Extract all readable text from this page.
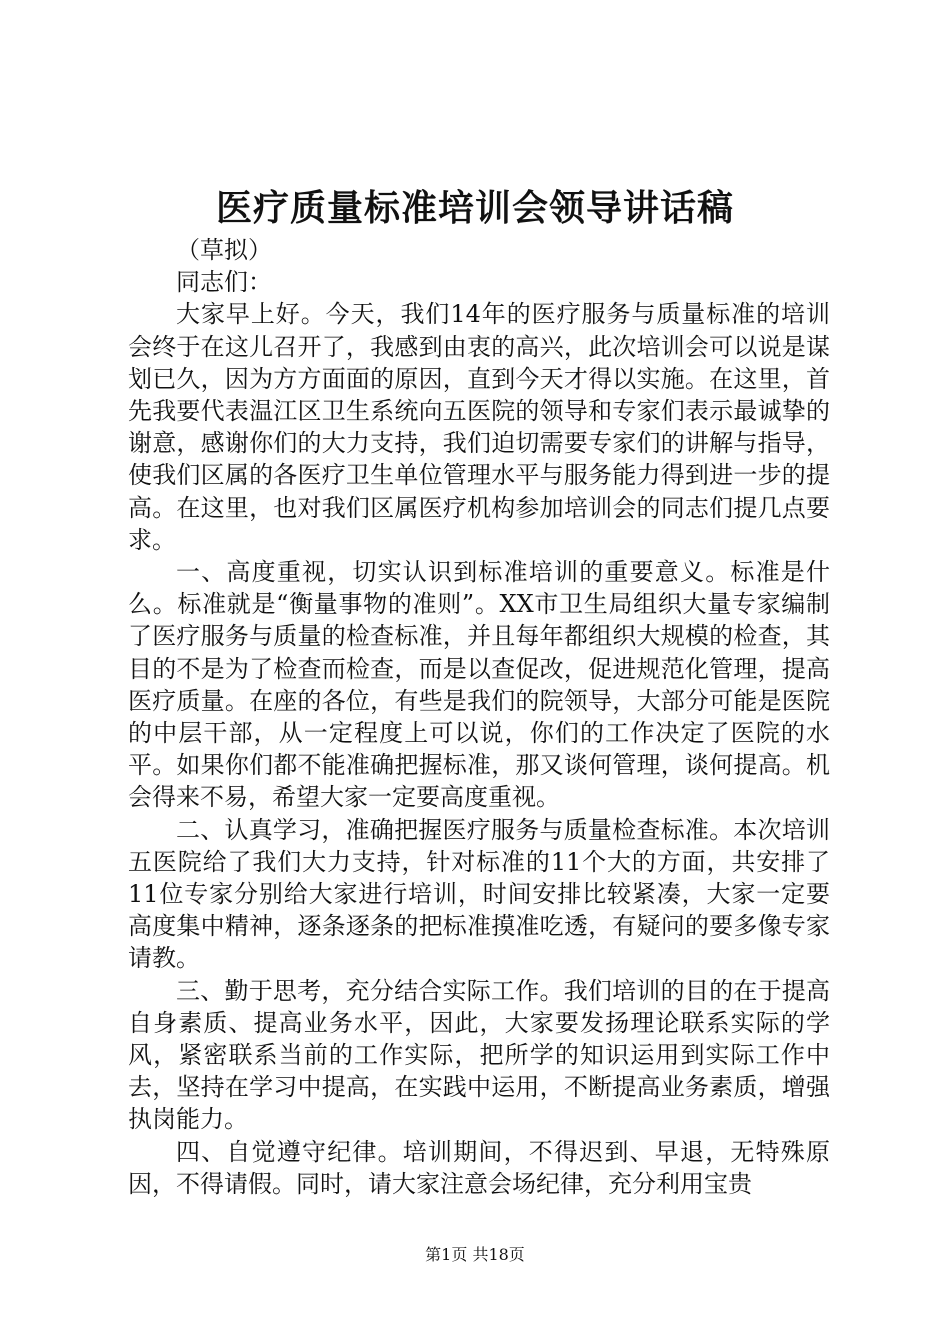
医疗质量标准培训会领导讲话稿

（草拟）

同志们：

大家早上好。今天，我们14年的医疗服务与质量标准的培训会终于在这儿召开了，我感到由衷的高兴，此次培训会可以说是谋划已久，因为方方面面的原因，直到今天才得以实施。在这里，首先我要代表温江区卫生系统向五医院的领导和专家们表示最诚挚的谢意，感谢你们的大力支持，我们迫切需要专家们的讲解与指导，使我们区属的各医疗卫生单位管理水平与服务能力得到进一步的提高。在这里，也对我们区属医疗机构参加培训会的同志们提几点要求。

一、高度重视，切实认识到标准培训的重要意义。标准是什么。标准就是“衡量事物的准则”。XX市卫生局组织大量专家编制了医疗服务与质量的检查标准，并且每年都组织大规模的检查，其目的不是为了检查而检查，而是以查促改，促进规范化管理，提高医疗质量。在座的各位，有些是我们的院领导，大部分可能是医院的中层干部，从一定程度上可以说，你们的工作决定了医院的水平。如果你们都不能准确把握标准，那又谈何管理，谈何提高。机会得来不易，希望大家一定要高度重视。

二、认真学习，准确把握医疗服务与质量检查标准。本次培训五医院给了我们大力支持，针对标准的11个大的方面，共安排了11位专家分别给大家进行培训，时间安排比较紧凑，大家一定要高度集中精神，逐条逐条的把标准摸准吃透，有疑问的要多像专家请教。

三、勤于思考，充分结合实际工作。我们培训的目的在于提高自身素质、提高业务水平，因此，大家要发扬理论联系实际的学风，紧密联系当前的工作实际，把所学的知识运用到实际工作中去，坚持在学习中提高，在实践中运用，不断提高业务素质，增强执岗能力。

四、自觉遵守纪律。培训期间，不得迟到、早退，无特殊原因，不得请假。同时，请大家注意会场纪律，充分利用宝贵

第1页 共18页
